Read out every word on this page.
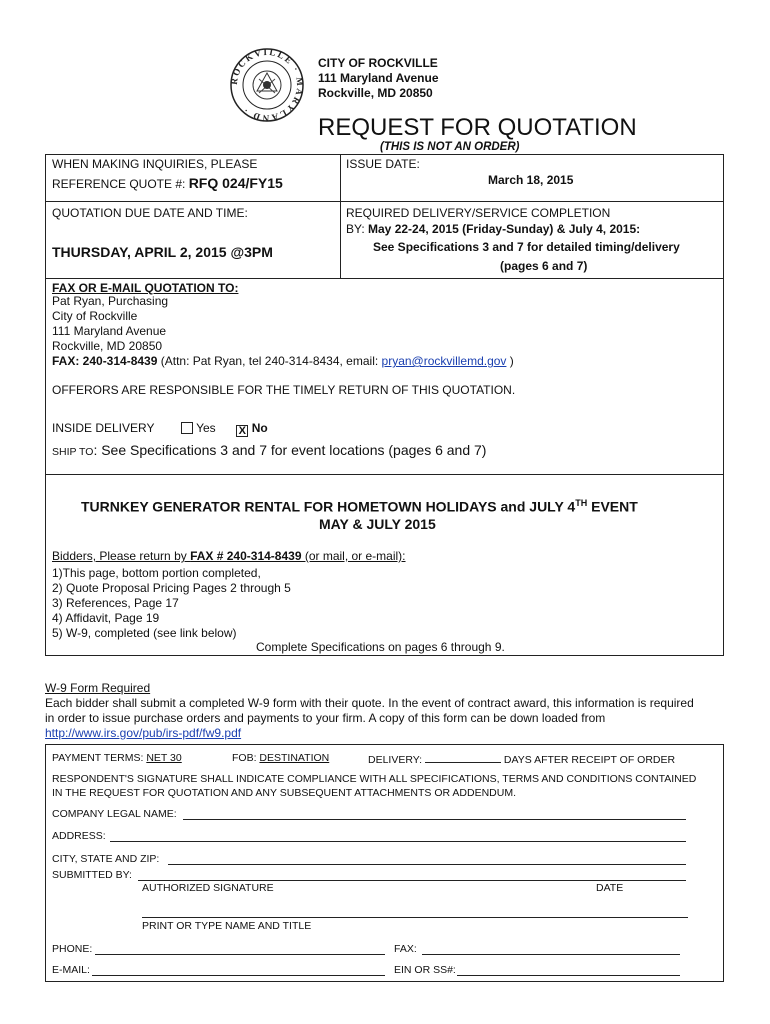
ROCKVILLE · MARYLAND ·
CITY OF ROCKVILLE
111 Maryland Avenue
Rockville, MD 20850
REQUEST FOR QUOTATION
(THIS IS NOT AN ORDER)
WHEN MAKING INQUIRIES, PLEASE
REFERENCE QUOTE #: RFQ 024/FY15
ISSUE DATE:
March 18, 2015
QUOTATION DUE DATE AND TIME:
THURSDAY, APRIL 2, 2015 @3PM
REQUIRED DELIVERY/SERVICE COMPLETION
BY: May 22-24, 2015 (Friday-Sunday) & July 4, 2015:
See Specifications 3 and 7 for detailed timing/delivery
(pages 6 and 7)
FAX OR E-MAIL QUOTATION TO:
Pat Ryan, Purchasing
City of Rockville
111 Maryland Avenue
Rockville, MD 20850
FAX: 240-314-8439 (Attn: Pat Ryan, tel 240-314-8434, email: pryan@rockvillemd.gov )
OFFERORS ARE RESPONSIBLE FOR THE TIMELY RETURN OF THIS QUOTATION.
INSIDE DELIVERY	Yes X No
SHIP TO: See Specifications 3 and 7 for event locations (pages 6 and 7)
TURNKEY GENERATOR RENTAL FOR HOMETOWN HOLIDAYS and JULY 4TH EVENT
MAY & JULY 2015
Bidders, Please return by FAX # 240-314-8439 (or mail, or e-mail):
1)This page, bottom portion completed,
2) Quote Proposal Pricing Pages 2 through 5
3) References, Page 17
4) Affidavit, Page 19
5) W-9, completed (see link below)
Complete Specifications on pages 6 through 9.
W-9 Form Required
Each bidder shall submit a completed W-9 form with their quote. In the event of contract award, this information is required
in order to issue purchase orders and payments to your firm. A copy of this form can be down loaded from
http://www.irs.gov/pub/irs-pdf/fw9.pdf
PAYMENT TERMS: NET 30	FOB: DESTINATION	DELIVERY:	DAYS AFTER RECEIPT OF ORDER
RESPONDENT'S SIGNATURE SHALL INDICATE COMPLIANCE WITH ALL SPECIFICATIONS, TERMS AND CONDITIONS CONTAINED
IN THE REQUEST FOR QUOTATION AND ANY SUBSEQUENT ATTACHMENTS OR ADDENDUM.
COMPANY LEGAL NAME:
ADDRESS:
CITY, STATE AND ZIP:
SUBMITTED BY:
AUTHORIZED SIGNATURE	DATE
PRINT OR TYPE NAME AND TITLE
PHONE:	FAX:
E-MAIL:	EIN OR SS#:
